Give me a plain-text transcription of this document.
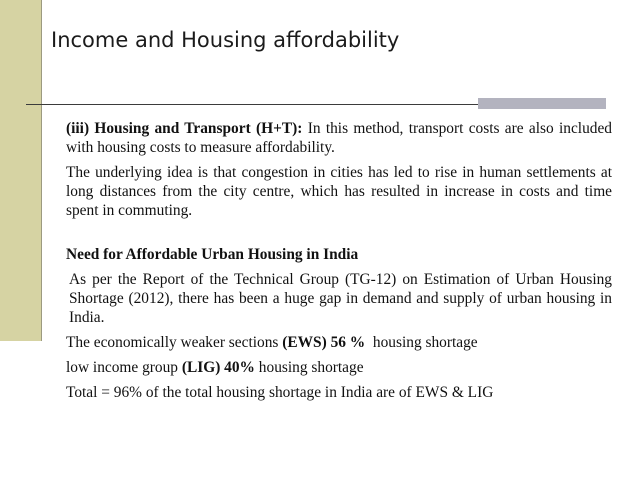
Income and Housing affordability

(iii) Housing and Transport (H+T): In this method, transport costs are also included with housing costs to measure affordability.

The underlying idea is that congestion in cities has led to rise in human settlements at long distances from the city centre, which has resulted in increase in costs and time spent in commuting.

Need for Affordable Urban Housing in India

As per the Report of the Technical Group (TG-12) on Estimation of Urban Housing Shortage (2012), there has been a huge gap in demand and supply of urban housing in India.

The economically weaker sections (EWS) 56 %  housing shortage

low income group (LIG) 40% housing shortage

Total = 96% of the total housing shortage in India are of EWS & LIG
